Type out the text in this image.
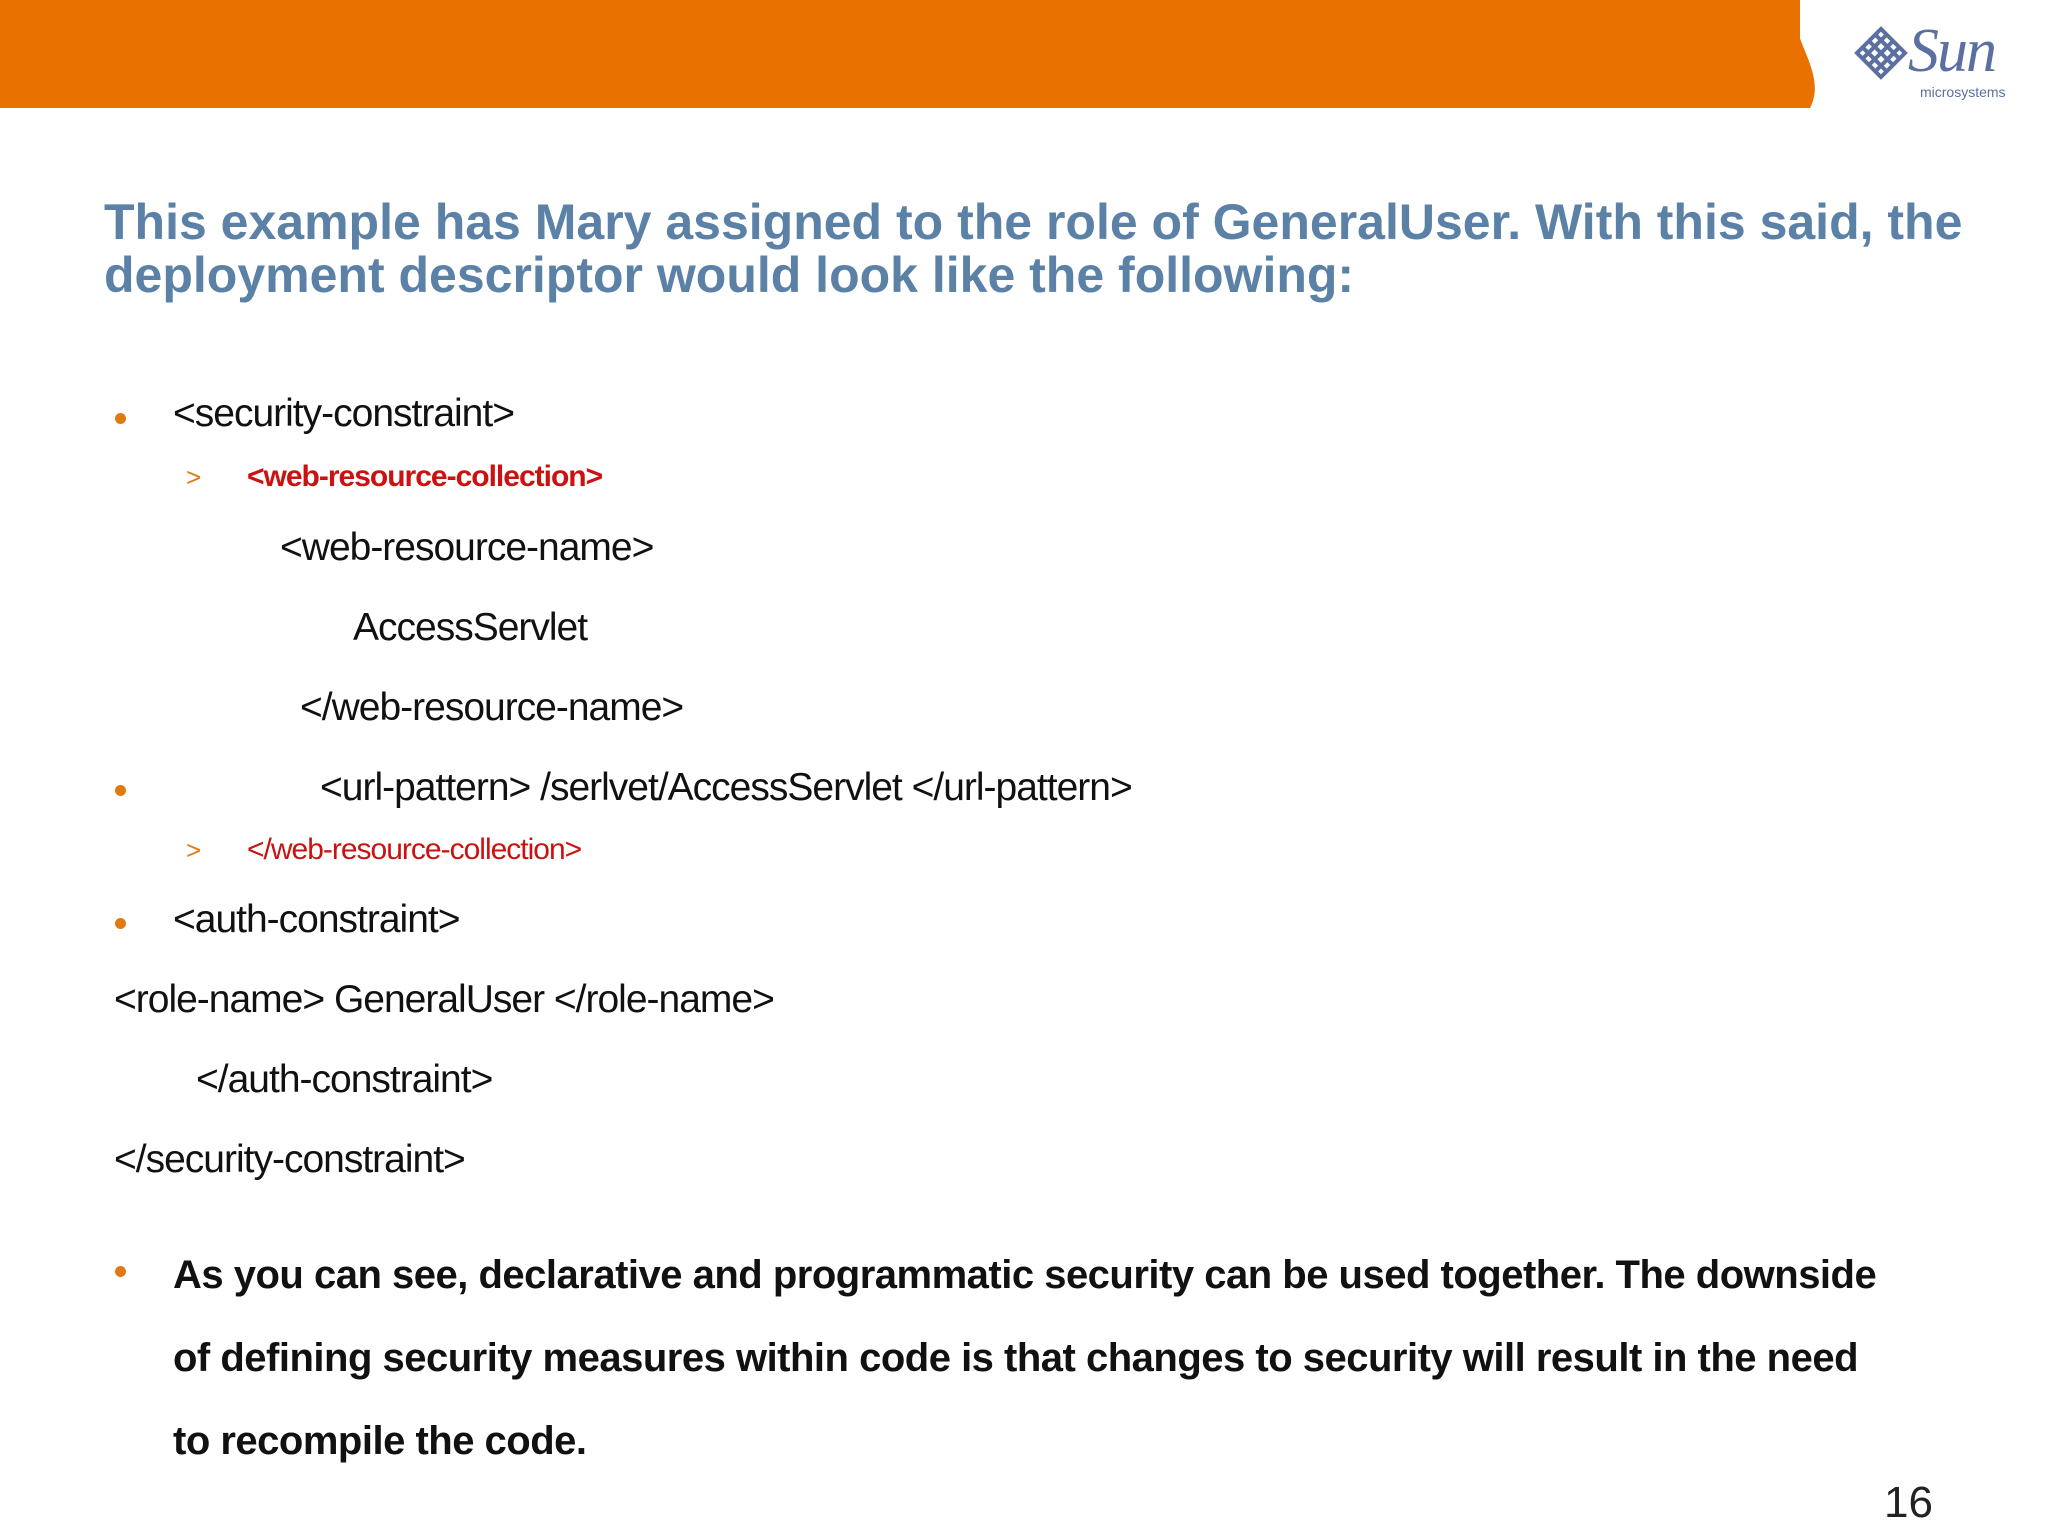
Sun
microsystems
This example has Mary assigned to the role of GeneralUser. With this said, the deployment descriptor would look like the following:
<security-constraint>
> <web-resource-collection>
<web-resource-name>
AccessServlet
</web-resource-name>
<url-pattern> /serlvet/AccessServlet </url-pattern>
> </web-resource-collection>
<auth-constraint>
<role-name> GeneralUser </role-name>
</auth-constraint>
</security-constraint>
As you can see, declarative and programmatic security can be used together. The downside of defining security measures within code is that changes to security will result in the need to recompile the code.
16
